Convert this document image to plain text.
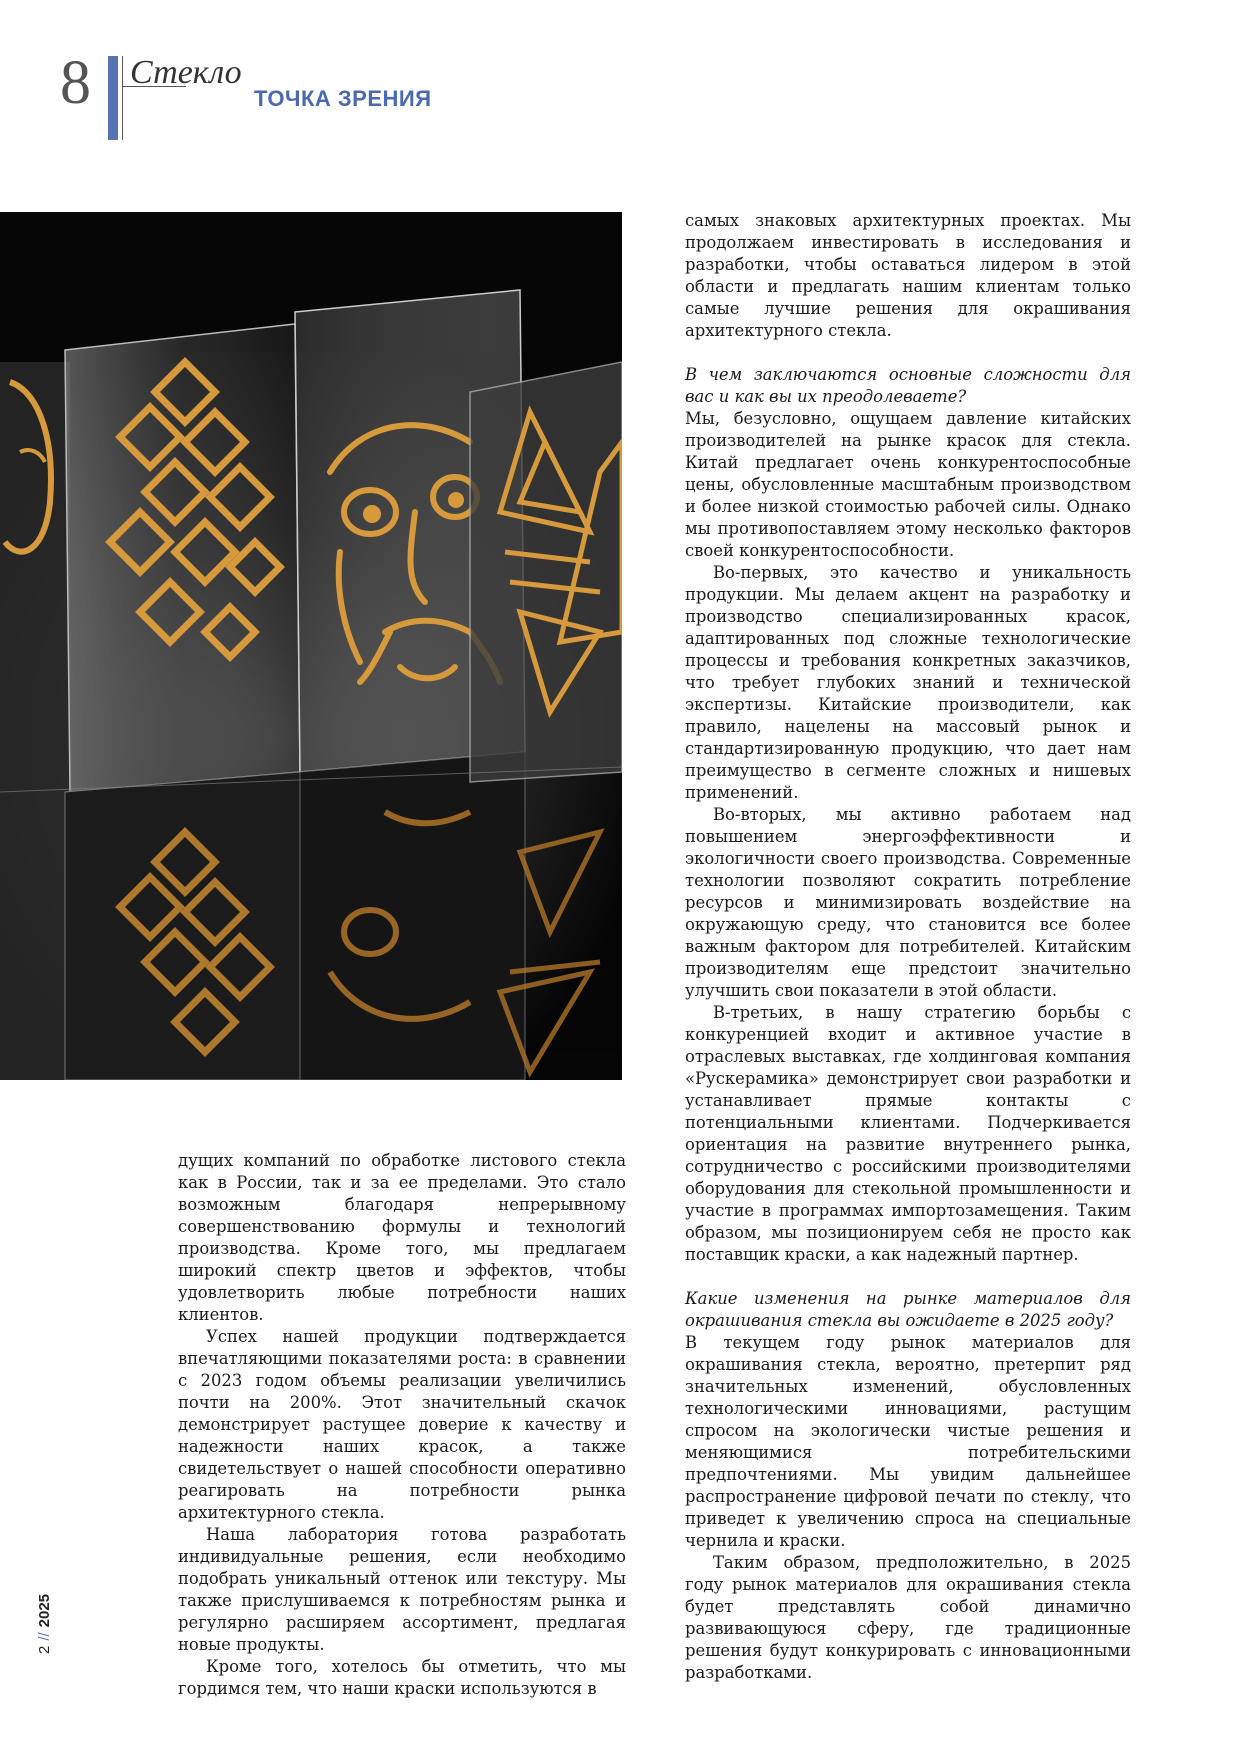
8 Стекло
ТОЧКА ЗРЕНИЯ

дущих компаний по обработке листового стекла как в России, так и за ее пределами. Это стало возможным благодаря непрерывному совершенствованию формулы и технологий производства. Кроме того, мы предлагаем широкий спектр цветов и эффектов, чтобы удовлетворить любые потребности наших клиентов.

Успех нашей продукции подтверждается впечатляющими показателями роста: в сравнении с 2023 годом объемы реализации увеличились почти на 200%. Этот значительный скачок демонстрирует растущее доверие к качеству и надежности наших красок, а также свидетельствует о нашей способности оперативно реагировать на потребности рынка архитектурного стекла.

Наша лаборатория готова разработать индивидуальные решения, если необходимо подобрать уникальный оттенок или текстуру. Мы также прислушиваемся к потребностям рынка и регулярно расширяем ассортимент, предлагая новые продукты.

Кроме того, хотелось бы отметить, что мы гордимся тем, что наши краски используются в

самых знаковых архитектурных проектах. Мы продолжаем инвестировать в исследования и разработки, чтобы оставаться лидером в этой области и предлагать нашим клиентам только самые лучшие решения для окрашивания архитектурного стекла.

В чем заключаются основные сложности для вас и как вы их преодолеваете?

Мы, безусловно, ощущаем давление китайских производителей на рынке красок для стекла. Китай предлагает очень конкурентоспособные цены, обусловленные масштабным производством и более низкой стоимостью рабочей силы. Однако мы противопоставляем этому несколько факторов своей конкурентоспособности.

Во-первых, это качество и уникальность продукции. Мы делаем акцент на разработку и производство специализированных красок, адаптированных под сложные технологические процессы и требования конкретных заказчиков, что требует глубоких знаний и технической экспертизы. Китайские производители, как правило, нацелены на массовый рынок и стандартизированную продукцию, что дает нам преимущество в сегменте сложных и нишевых применений.

Во-вторых, мы активно работаем над повышением энергоэффективности и экологичности своего производства. Современные технологии позволяют сократить потребление ресурсов и минимизировать воздействие на окружающую среду, что становится все более важным фактором для потребителей. Китайским производителям еще предстоит значительно улучшить свои показатели в этой области.

В-третьих, в нашу стратегию борьбы с конкуренцией входит и активное участие в отраслевых выставках, где холдинговая компания «Рускерамика» демонстрирует свои разработки и устанавливает прямые контакты с потенциальными клиентами. Подчеркивается ориентация на развитие внутреннего рынка, сотрудничество с российскими производителями оборудования для стекольной промышленности и участие в программах импортозамещения. Таким образом, мы позиционируем себя не просто как поставщик краски, а как надежный партнер.

Какие изменения на рынке материалов для окрашивания стекла вы ожидаете в 2025 году?

В текущем году рынок материалов для окрашивания стекла, вероятно, претерпит ряд значительных изменений, обусловленных технологическими инновациями, растущим спросом на экологически чистые решения и меняющимися потребительскими предпочтениями. Мы увидим дальнейшее распространение цифровой печати по стеклу, что приведет к увеличению спроса на специальные чернила и краски.

Таким образом, предположительно, в 2025 году рынок материалов для окрашивания стекла будет представлять собой динамично развивающуюся сферу, где традиционные решения будут конкурировать с инновационными разработками.

2//2025
